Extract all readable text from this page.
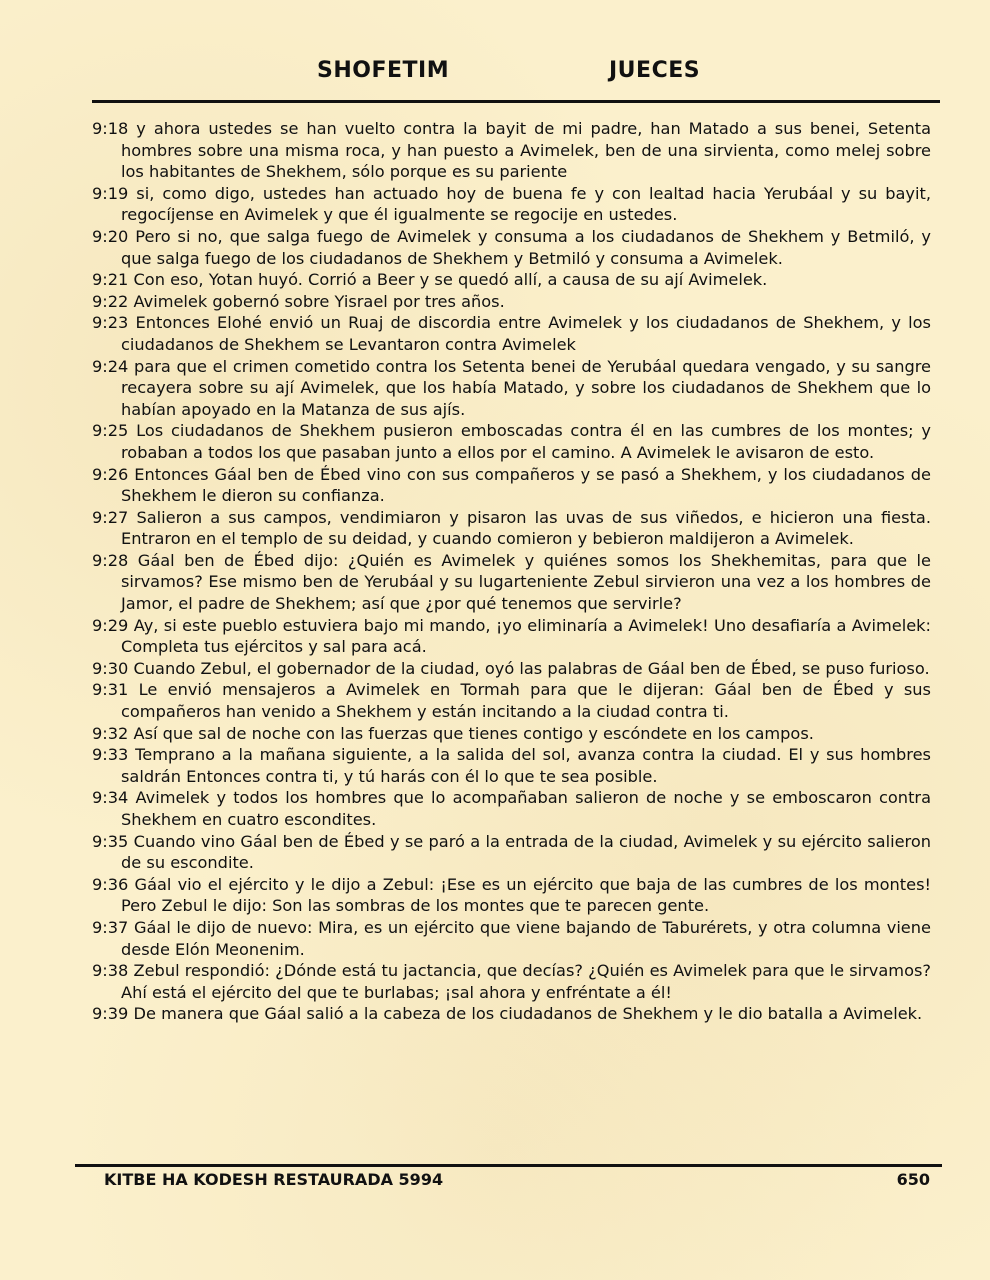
SHOFETIM	JUECES
9:18 y ahora ustedes se han vuelto contra la bayit de mi padre, han Matado a sus benei, Setenta hombres sobre una misma roca, y han puesto a Avimelek, ben de una sirvienta, como melej sobre los habitantes de Shekhem, sólo porque es su pariente
9:19 si, como digo, ustedes han actuado hoy de buena fe y con lealtad hacia Yerubáal y su bayit, regocíjense en Avimelek y que él igualmente se regocije en ustedes.
9:20 Pero si no, que salga fuego de Avimelek y consuma a los ciudadanos de Shekhem y Betmiló, y que salga fuego de los ciudadanos de Shekhem y Betmiló y consuma a Avimelek.
9:21 Con eso, Yotan huyó. Corrió a Beer y se quedó allí, a causa de su ají Avimelek.
9:22 Avimelek gobernó sobre Yisrael por tres años.
9:23 Entonces Elohé envió un Ruaj de discordia entre Avimelek y los ciudadanos de Shekhem, y los ciudadanos de Shekhem se Levantaron contra Avimelek
9:24 para que el crimen cometido contra los Setenta benei de Yerubáal quedara vengado, y su sangre recayera sobre su ají Avimelek, que los había Matado, y sobre los ciudadanos de Shekhem que lo habían apoyado en la Matanza de sus ajís.
9:25 Los ciudadanos de Shekhem pusieron emboscadas contra él en las cumbres de los montes; y robaban a todos los que pasaban junto a ellos por el camino. A Avimelek le avisaron de esto.
9:26 Entonces Gáal ben de Ébed vino con sus compañeros y se pasó a Shekhem, y los ciudadanos de Shekhem le dieron su confianza.
9:27 Salieron a sus campos, vendimiaron y pisaron las uvas de sus viñedos, e hicieron una fiesta. Entraron en el templo de su deidad, y cuando comieron y bebieron maldijeron a Avimelek.
9:28 Gáal ben de Ébed dijo: ¿Quién es Avimelek y quiénes somos los Shekhemitas, para que le sirvamos? Ese mismo ben de Yerubáal y su lugarteniente Zebul sirvieron una vez a los hombres de Jamor, el padre de Shekhem; así que ¿por qué tenemos que servirle?
9:29 Ay, si este pueblo estuviera bajo mi mando, ¡yo eliminaría a Avimelek! Uno desafiaría a Avimelek: Completa tus ejércitos y sal para acá.
9:30 Cuando Zebul, el gobernador de la ciudad, oyó las palabras de Gáal ben de Ébed, se puso furioso.
9:31 Le envió mensajeros a Avimelek en Tormah para que le dijeran: Gáal ben de Ébed y sus compañeros han venido a Shekhem y están incitando a la ciudad contra ti.
9:32 Así que sal de noche con las fuerzas que tienes contigo y escóndete en los campos.
9:33 Temprano a la mañana siguiente, a la salida del sol, avanza contra la ciudad. El y sus hombres saldrán Entonces contra ti, y tú harás con él lo que te sea posible.
9:34 Avimelek y todos los hombres que lo acompañaban salieron de noche y se emboscaron contra Shekhem en cuatro escondites.
9:35 Cuando vino Gáal ben de Ébed y se paró a la entrada de la ciudad, Avimelek y su ejército salieron de su escondite.
9:36 Gáal vio el ejército y le dijo a Zebul: ¡Ese es un ejército que baja de las cumbres de los montes! Pero Zebul le dijo: Son las sombras de los montes que te parecen gente.
9:37 Gáal le dijo de nuevo: Mira, es un ejército que viene bajando de Taburérets, y otra columna viene desde Elón Meonenim.
9:38 Zebul respondió: ¿Dónde está tu jactancia, que decías? ¿Quién es Avimelek para que le sirvamos? Ahí está el ejército del que te burlabas; ¡sal ahora y enfréntate a él!
9:39 De manera que Gáal salió a la cabeza de los ciudadanos de Shekhem y le dio batalla a Avimelek.
KITBE HA KODESH RESTAURADA 5994	650
